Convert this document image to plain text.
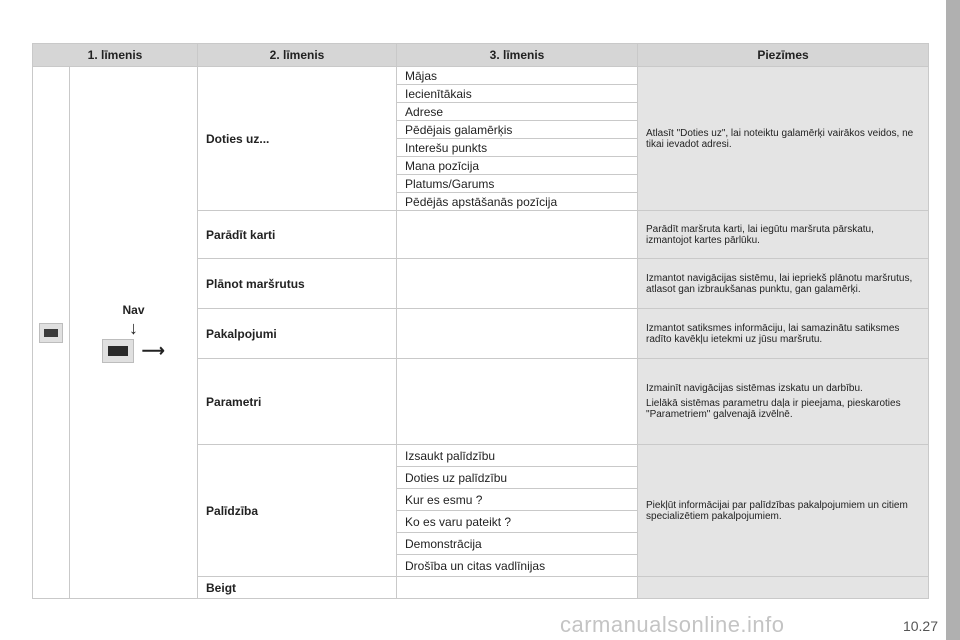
1. līmenis		2. līmenis	3. līmenis	Piezīmes

	Nav
↓
⟶	Doties uz...	Mājas	Atlasīt "Doties uz", lai noteiktu galamērķi vairākos veidos, ne tikai ievadot adresi.

			Iecienītākais	
			Adrese	
			Pēdējais galamērķis	
			Interešu punkts	
			Mana pozīcija	
			Platums/Garums	
			Pēdējās apstāšanās pozīcija	
		Parādīt karti		Parādīt maršruta karti, lai iegūtu maršruta pārskatu, izmantojot kartes pārlūku.

		Plānot maršrutus		Izmantot navigācijas sistēmu, lai iepriekš plānotu maršrutus, atlasot gan izbraukšanas punktu, gan galamērķi.

		Pakalpojumi		Izmantot satiksmes informāciju, lai samazinātu satiksmes radīto kavēkļu ietekmi uz jūsu maršrutu.

		Parametri		Izmainīt navigācijas sistēmas izskatu un darbību.

Lielākā sistēmas parametru daļa ir pieejama, pieskaroties "Parametriem" galvenajā izvēlnē.

		Palīdzība	Izsaukt palīdzību	Piekļūt informācijai par palīdzības pakalpojumiem un citiem specializētiem pakalpojumiem.

			Doties uz palīdzību	
			Kur es esmu ?	
			Ko es varu pateikt ?	
			Demonstrācija	
			Drošība un citas vadlīnijas	
		Beigt		
carmanualsonline.info	10.27
